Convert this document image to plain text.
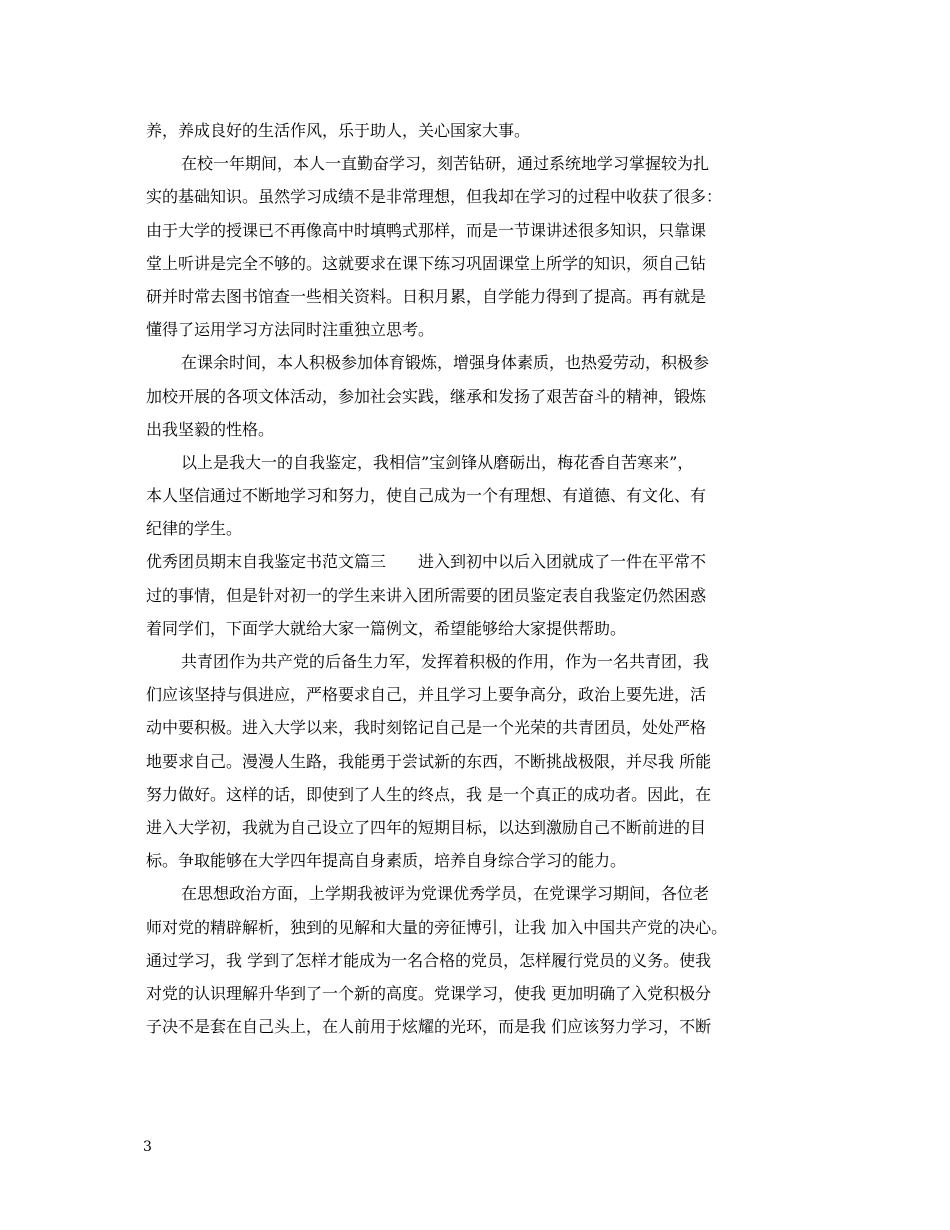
养，养成良好的生活作风，乐于助人，关心国家大事。
在校一年期间，本人一直勤奋学习，刻苦钻研，通过系统地学习掌握较为扎
实的基础知识。虽然学习成绩不是非常理想，但我却在学习的过程中收获了很多：
由于大学的授课已不再像高中时填鸭式那样，而是一节课讲述很多知识，只靠课
堂上听讲是完全不够的。这就要求在课下练习巩固课堂上所学的知识，须自己钻
研并时常去图书馆查一些相关资料。日积月累，自学能力得到了提高。再有就是
懂得了运用学习方法同时注重独立思考。
在课余时间，本人积极参加体育锻炼，增强身体素质，也热爱劳动，积极参
加校开展的各项文体活动，参加社会实践，继承和发扬了艰苦奋斗的精神，锻炼
出我坚毅的性格。
以上是我大一的自我鉴定，我相信”宝剑锋从磨砺出，梅花香自苦寒来”，
本人坚信通过不断地学习和努力，使自己成为一个有理想、有道德、有文化、有
纪律的学生。
优秀团员期末自我鉴定书范文篇三　　进入到初中以后入团就成了一件在平常不
过的事情，但是针对初一的学生来讲入团所需要的团员鉴定表自我鉴定仍然困惑
着同学们，下面学大就给大家一篇例文，希望能够给大家提供帮助。
共青团作为共产党的后备生力军，发挥着积极的作用，作为一名共青团，我
们应该坚持与俱进应，严格要求自己，并且学习上要争高分，政治上要先进，活
动中要积极。进入大学以来，我时刻铭记自己是一个光荣的共青团员，处处严格
地要求自己。漫漫人生路，我能勇于尝试新的东西，不断挑战极限，并尽我 所能
努力做好。这样的话，即使到了人生的终点，我 是一个真正的成功者。因此，在
进入大学初，我就为自己设立了四年的短期目标，以达到激励自己不断前进的目
标。争取能够在大学四年提高自身素质，培养自身综合学习的能力。
在思想政治方面，上学期我被评为党课优秀学员，在党课学习期间，各位老
师对党的精辟解析，独到的见解和大量的旁征博引，让我 加入中国共产党的决心。
通过学习，我 学到了怎样才能成为一名合格的党员，怎样履行党员的义务。使我
对党的认识理解升华到了一个新的高度。党课学习，使我 更加明确了入党积极分
子决不是套在自己头上，在人前用于炫耀的光环，而是我 们应该努力学习，不断
3
